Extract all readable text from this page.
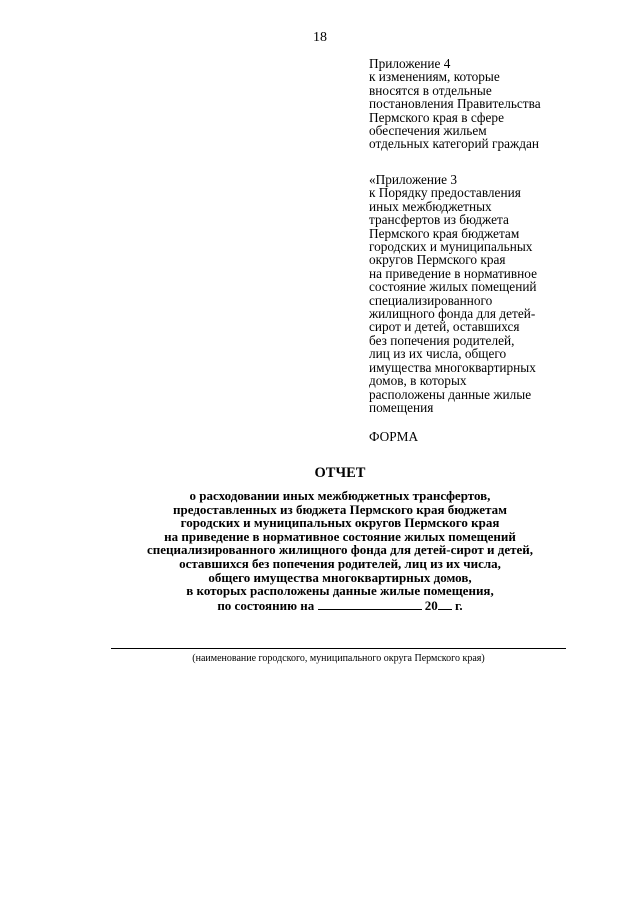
18
Приложение 4
к изменениям, которые
вносятся в отдельные
постановления Правительства
Пермского края в сфере
обеспечения жильем
отдельных категорий граждан
«Приложение 3
к Порядку предоставления
иных межбюджетных
трансфертов из бюджета
Пермского края бюджетам
городских и муниципальных
округов Пермского края
на приведение в нормативное
состояние жилых помещений
специализированного
жилищного фонда для детей-
сирот и детей, оставшихся
без попечения родителей,
лиц из их числа, общего
имущества многоквартирных
домов, в которых
расположены данные жилые
помещения
ФОРМА
ОТЧЕТ
о расходовании иных межбюджетных трансфертов,
предоставленных из бюджета Пермского края бюджетам
городских и муниципальных округов Пермского края
на приведение в нормативное состояние жилых помещений
специализированного жилищного фонда для детей-сирот и детей,
оставшихся без попечения родителей, лиц из их числа,
общего имущества многоквартирных домов,
в которых расположены данные жилые помещения,
по состоянию на	20 г.
(наименование городского, муниципального округа Пермского края)
